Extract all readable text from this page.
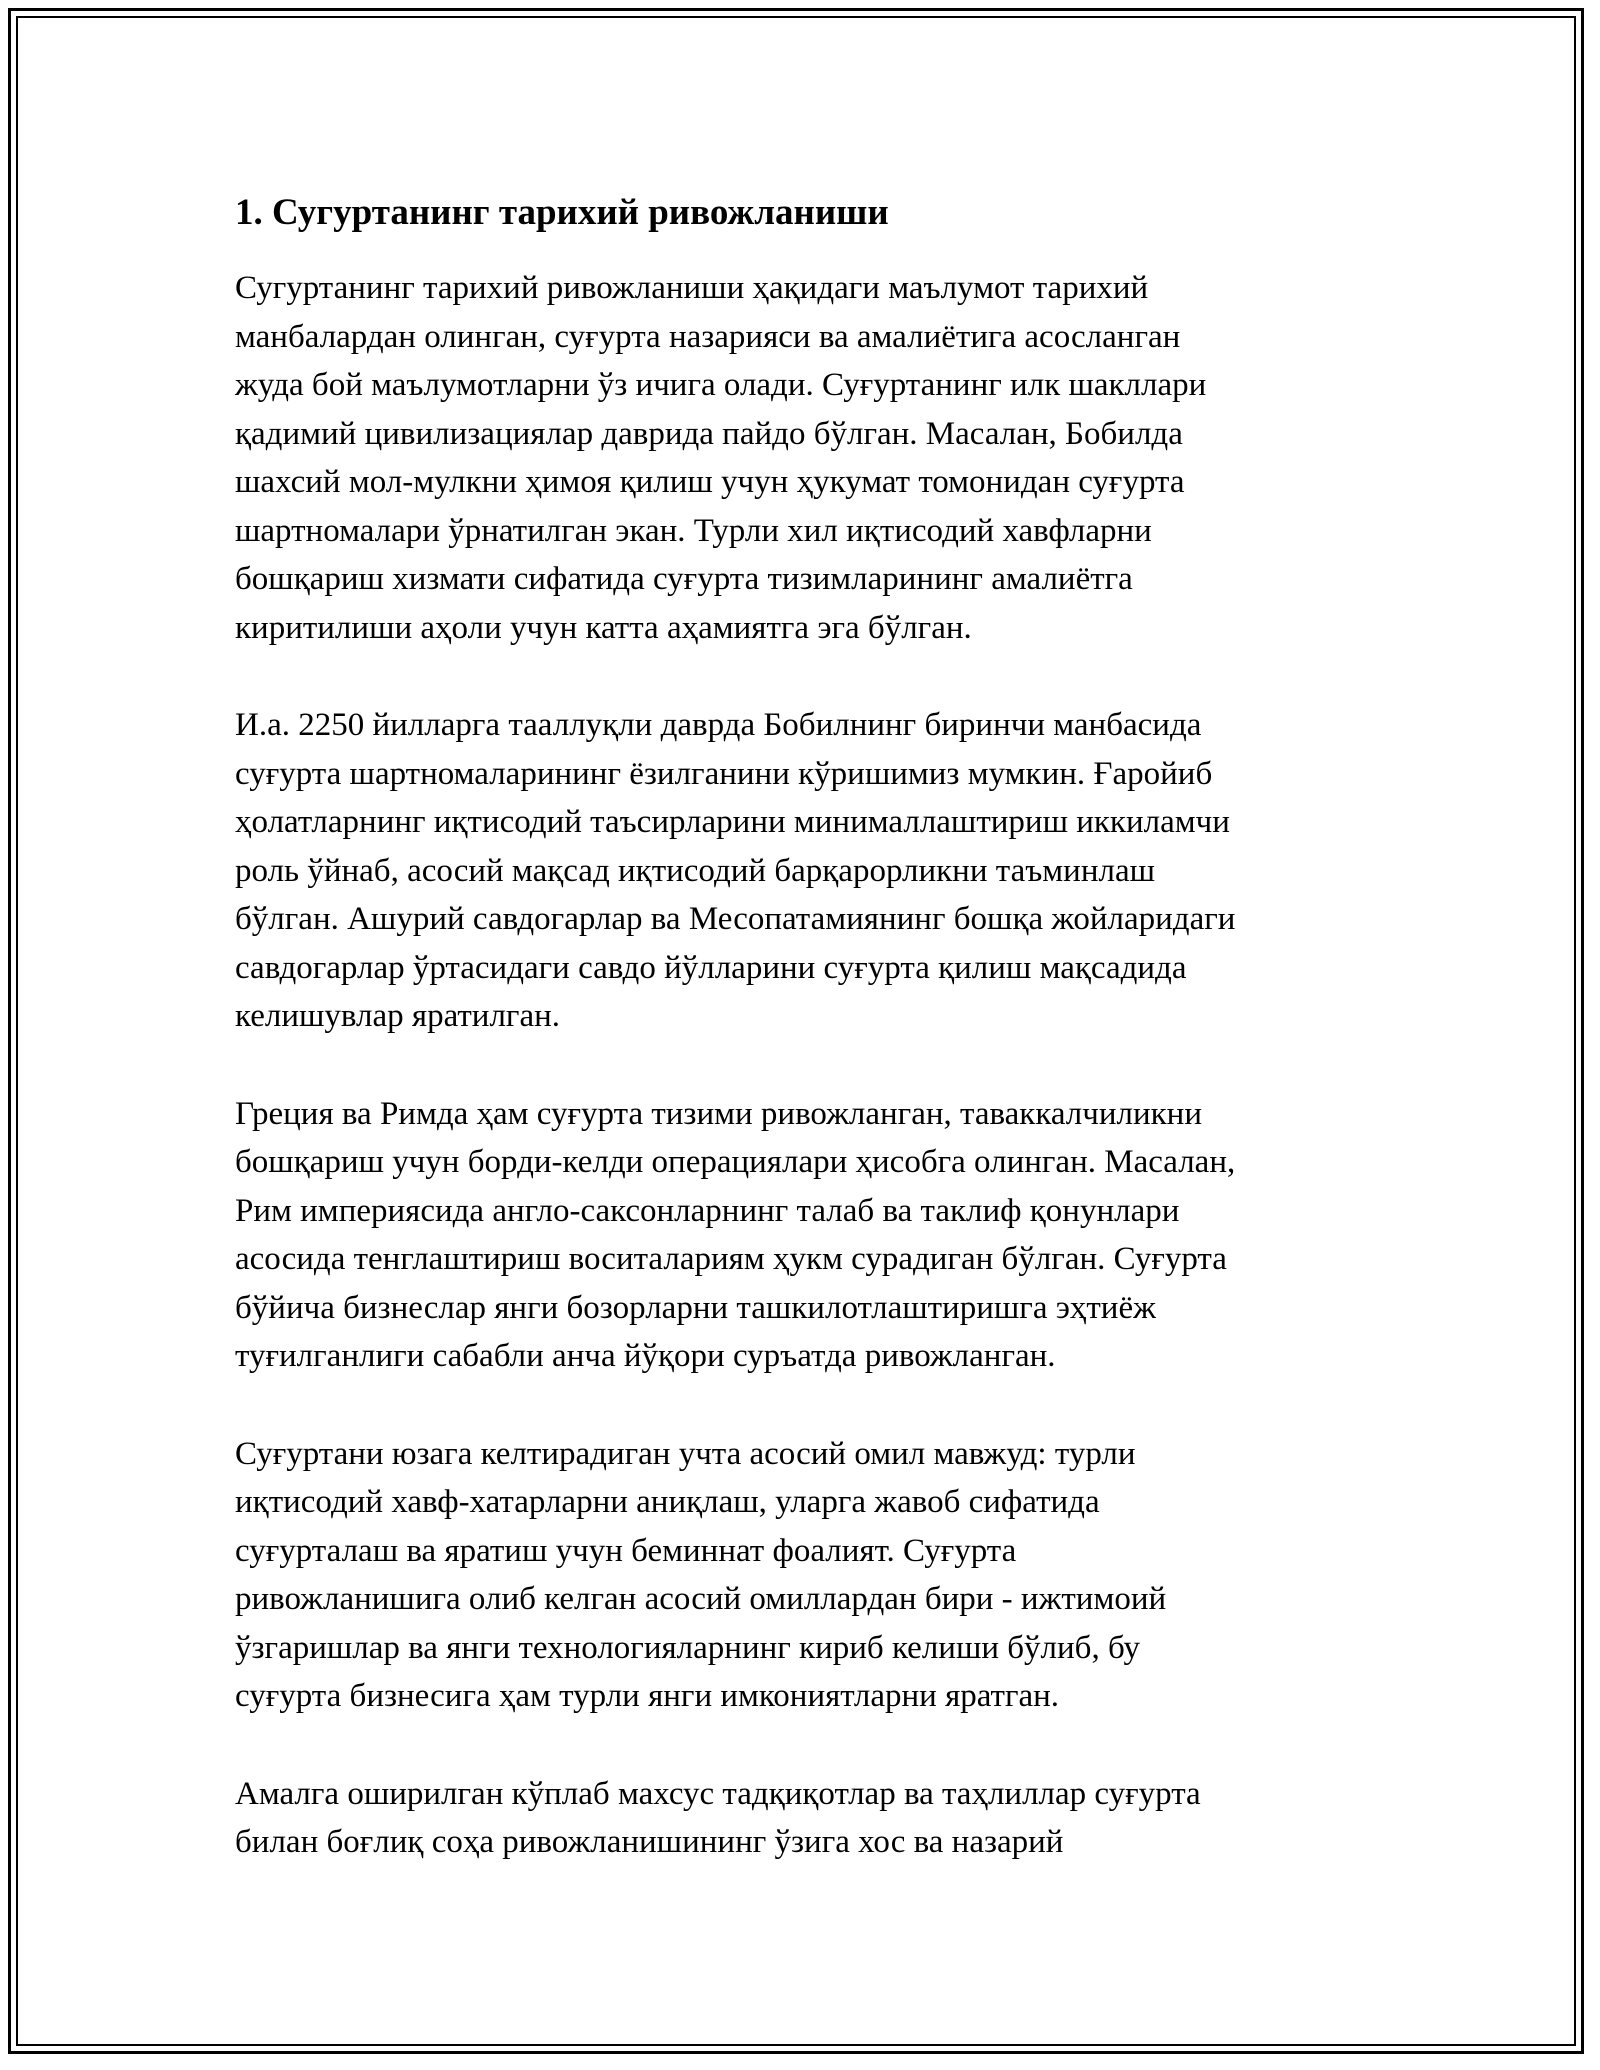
1. Сугуртанинг тарихий ривожланиши

Сугуртанинг тарихий ривожланиши ҳақидаги маълумот тарихий
манбалардан олинган, суғурта назарияси ва амалиётига асосланган
жуда бой маълумотларни ўз ичига олади. Суғуртанинг илк шакллари
қадимий цивилизациялар даврида пайдо бўлган. Масалан, Бобилда
шахсий мол-мулкни ҳимоя қилиш учун ҳукумат томонидан суғурта
шартномалари ўрнатилган экан. Турли хил иқтисодий хавфларни
бошқариш хизмати сифатида суғурта тизимларининг амалиётга
киритилиши аҳоли учун катта аҳамиятга эга бўлган.

И.а. 2250 йилларга тааллуқли даврда Бобилнинг биринчи манбасида
суғурта шартномаларининг ёзилганини кўришимиз мумкин. Ғаройиб
ҳолатларнинг иқтисодий таъсирларини минималлаштириш иккиламчи
роль ўйнаб, асосий мақсад иқтисодий барқарорликни таъминлаш
бўлган. Ашурий савдогарлар ва Месопатамиянинг бошқа жойларидаги
савдогарлар ўртасидаги савдо йўлларини суғурта қилиш мақсадида
келишувлар яратилган.

Греция ва Римда ҳам суғурта тизими ривожланган, таваккалчиликни
бошқариш учун борди-келди операциялари ҳисобга олинган. Масалан,
Рим империясида англо-саксонларнинг талаб ва таклиф қонунлари
асосида тенглаштириш воситалариям ҳукм сурадиган бўлган. Суғурта
бўйича бизнеслар янги бозорларни ташкилотлаштиришга эҳтиёж
туғилганлиги сабабли анча йўқори суръатда ривожланган.

Суғуртани юзага келтирадиган учта асосий омил мавжуд: турли
иқтисодий хавф-хатарларни аниқлаш, уларга жавоб сифатида
суғурталаш ва яратиш учун беминнат фоалият. Суғурта
ривожланишига олиб келган асосий омиллардан бири - ижтимоий
ўзгаришлар ва янги технологияларнинг кириб келиши бўлиб, бу
суғурта бизнесига ҳам турли янги имкониятларни яратган.

Амалга оширилган кўплаб махсус тадқиқотлар ва таҳлиллар суғурта
билан боғлиқ соҳа ривожланишининг ўзига хос ва назарий
